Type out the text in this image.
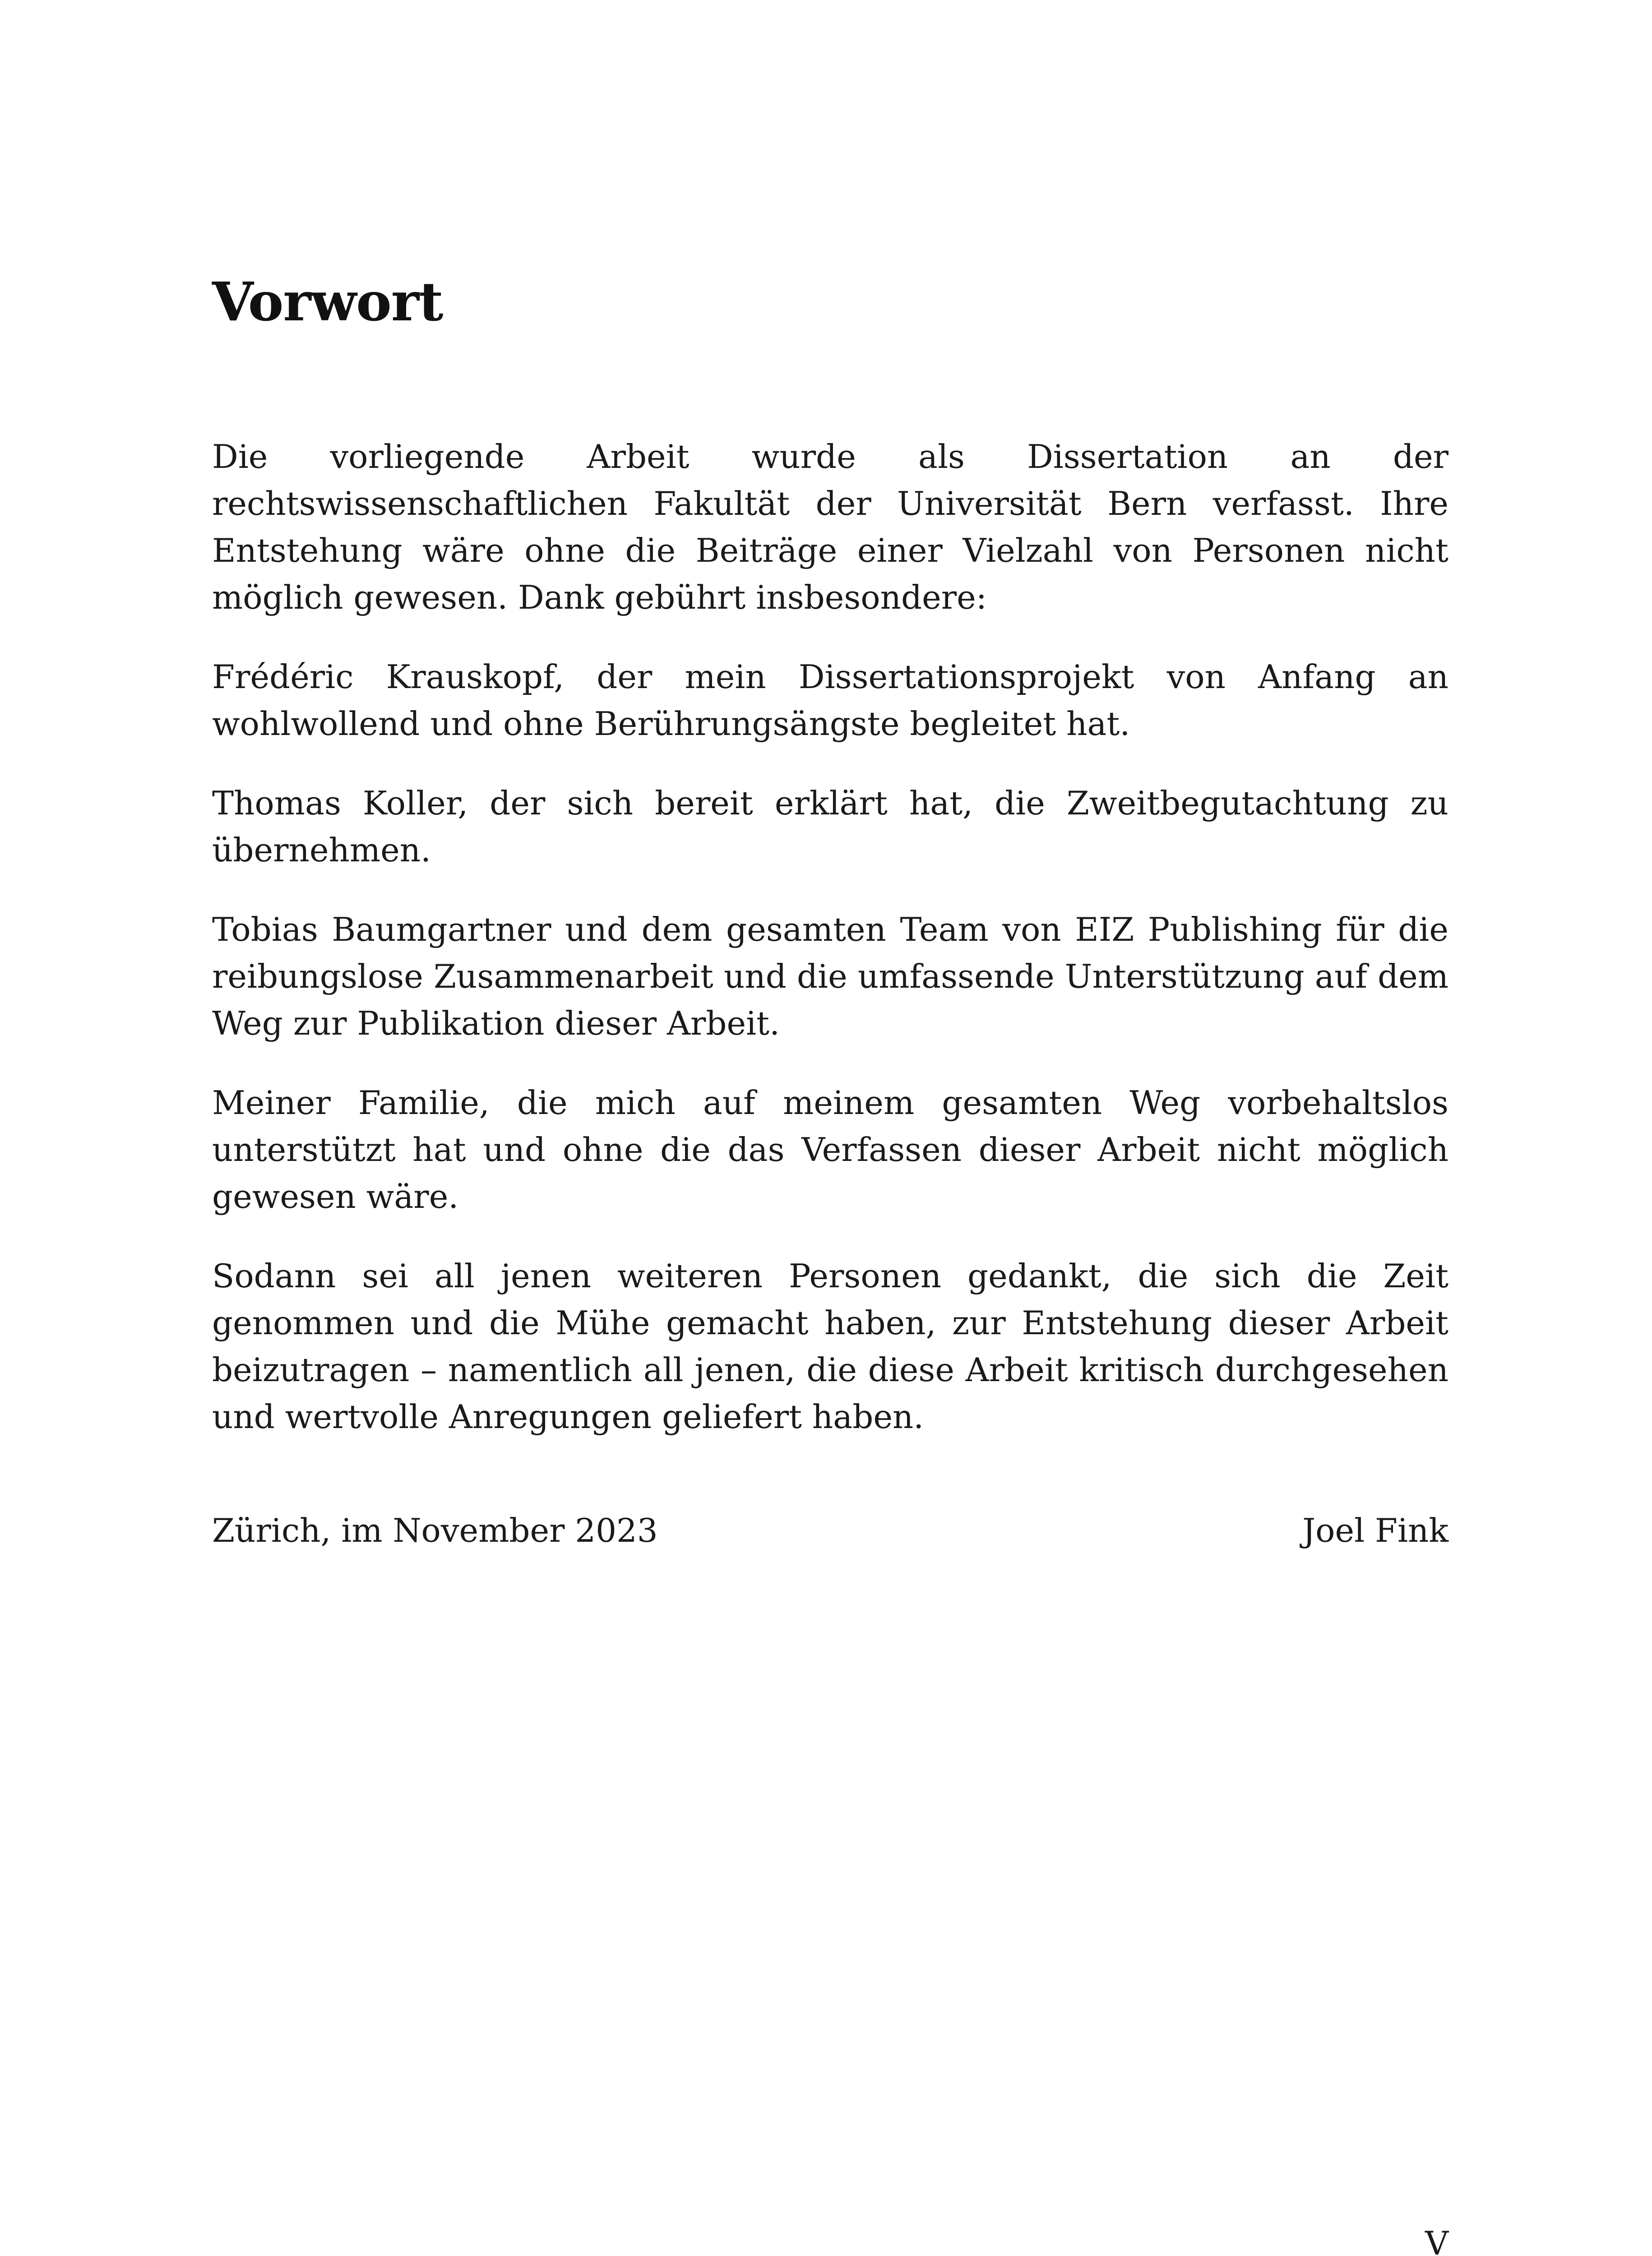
Vorwort

Die vorliegende Arbeit wurde als Dissertation an der rechtswissenschaftlichen Fakultät der Universität Bern verfasst. Ihre Entstehung wäre ohne die Beiträge einer Vielzahl von Personen nicht möglich gewesen. Dank gebührt insbesondere:

Frédéric Krauskopf, der mein Dissertationsprojekt von Anfang an wohlwollend und ohne Berührungsängste begleitet hat.

Thomas Koller, der sich bereit erklärt hat, die Zweitbegutachtung zu übernehmen.

Tobias Baumgartner und dem gesamten Team von EIZ Publishing für die reibungslose Zusammenarbeit und die umfassende Unterstützung auf dem Weg zur Publikation dieser Arbeit.

Meiner Familie, die mich auf meinem gesamten Weg vorbehaltslos unterstützt hat und ohne die das Verfassen dieser Arbeit nicht möglich gewesen wäre.

Sodann sei all jenen weiteren Personen gedankt, die sich die Zeit genommen und die Mühe gemacht haben, zur Entstehung dieser Arbeit beizutragen – namentlich all jenen, die diese Arbeit kritisch durchgesehen und wertvolle Anregungen geliefert haben.

Zürich, im November 2023	Joel Fink
V
